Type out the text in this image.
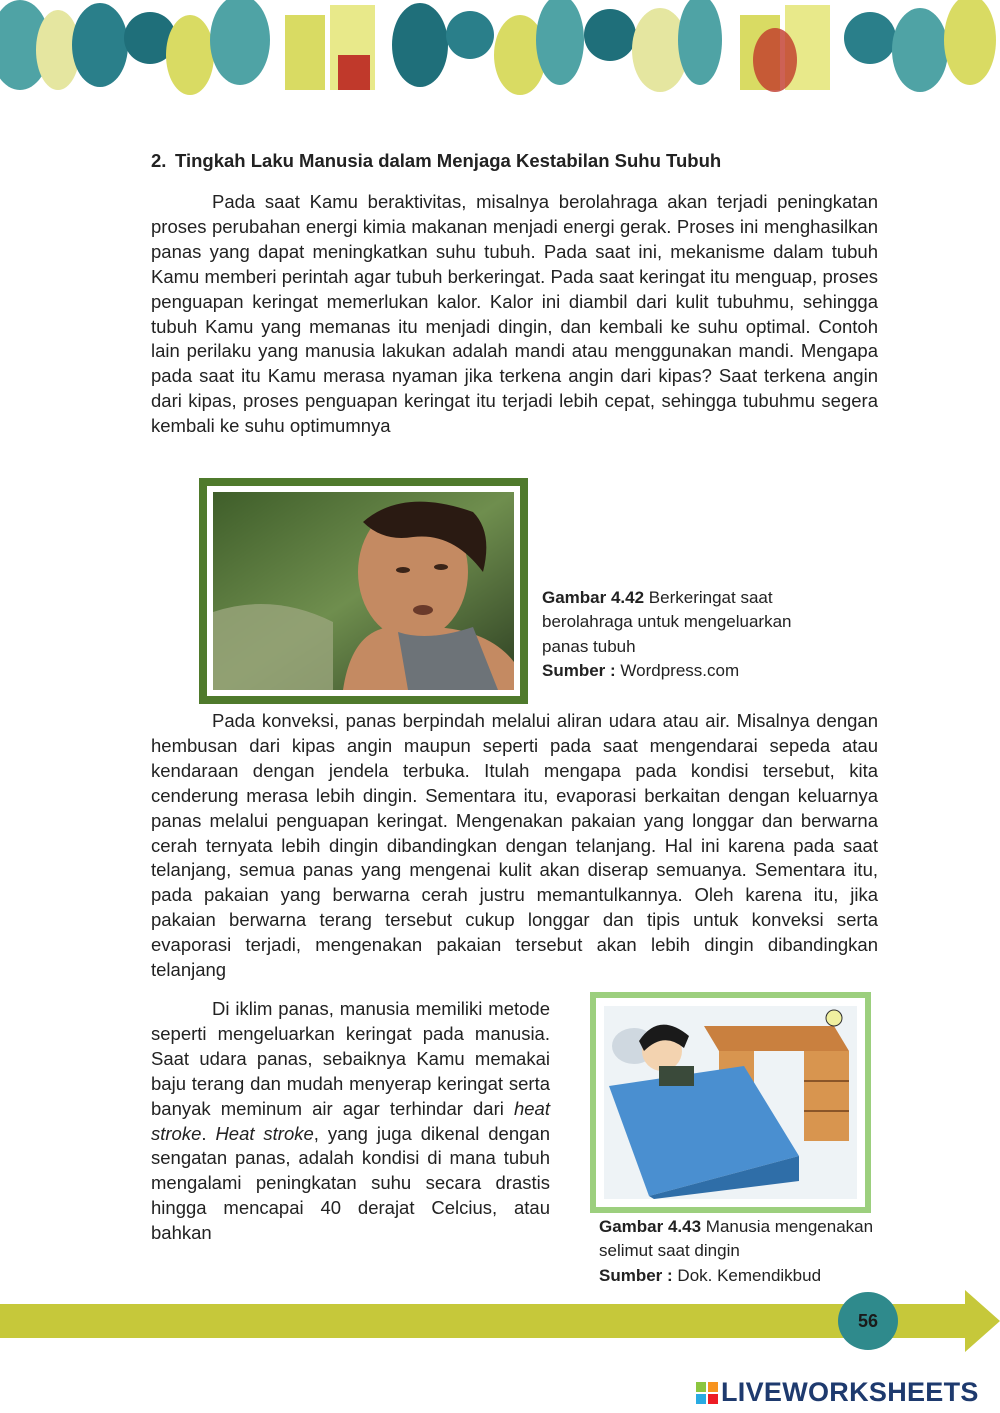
2. Tingkah Laku Manusia dalam Menjaga Kestabilan Suhu Tubuh

Pada saat Kamu beraktivitas, misalnya berolahraga akan terjadi peningkatan proses perubahan energi kimia makanan menjadi energi gerak. Proses ini menghasilkan panas yang dapat meningkatkan suhu tubuh. Pada saat ini, mekanisme dalam tubuh Kamu memberi perintah agar tubuh berkeringat. Pada saat keringat itu menguap, proses penguapan keringat memerlukan kalor. Kalor ini diambil dari kulit tubuhmu, sehingga tubuh Kamu yang memanas itu menjadi dingin, dan kembali ke suhu optimal. Contoh lain perilaku yang manusia lakukan adalah mandi atau menggunakan mandi. Mengapa pada saat itu Kamu merasa nyaman jika terkena angin dari kipas? Saat terkena angin dari kipas, proses penguapan keringat itu terjadi lebih cepat, sehingga tubuhmu segera kembali ke suhu optimumnya

Gambar 4.42 Berkeringat saat berolahraga untuk mengeluarkan panas tubuh
Sumber : Wordpress.com

Pada konveksi, panas berpindah melalui aliran udara atau air. Misalnya dengan hembusan dari kipas angin maupun seperti pada saat mengendarai sepeda atau kendaraan dengan jendela terbuka. Itulah mengapa pada kondisi tersebut, kita cenderung merasa lebih dingin. Sementara itu, evaporasi berkaitan dengan keluarnya panas melalui penguapan keringat. Mengenakan pakaian yang longgar dan berwarna cerah ternyata lebih dingin dibandingkan dengan telanjang. Hal ini karena pada saat telanjang, semua panas yang mengenai kulit akan diserap semuanya. Sementara itu, pada pakaian yang berwarna cerah justru memantulkannya. Oleh karena itu, jika pakaian berwarna terang tersebut cukup longgar dan tipis untuk konveksi serta evaporasi terjadi, mengenakan pakaian tersebut akan lebih dingin dibandingkan telanjang

Di iklim panas, manusia memiliki metode seperti mengeluarkan keringat pada manusia. Saat udara panas, sebaiknya Kamu memakai baju terang dan mudah menyerap keringat serta banyak meminum air agar terhindar dari heat stroke. Heat stroke, yang juga dikenal dengan sengatan panas, adalah kondisi di mana tubuh mengalami peningkatan suhu secara drastis hingga mencapai 40 derajat Celcius, atau bahkan	Gambar 4.43 Manusia mengenakan selimut saat dingin
Sumber : Dok. Kemendikbud
56
LIVEWORKSHEETS
